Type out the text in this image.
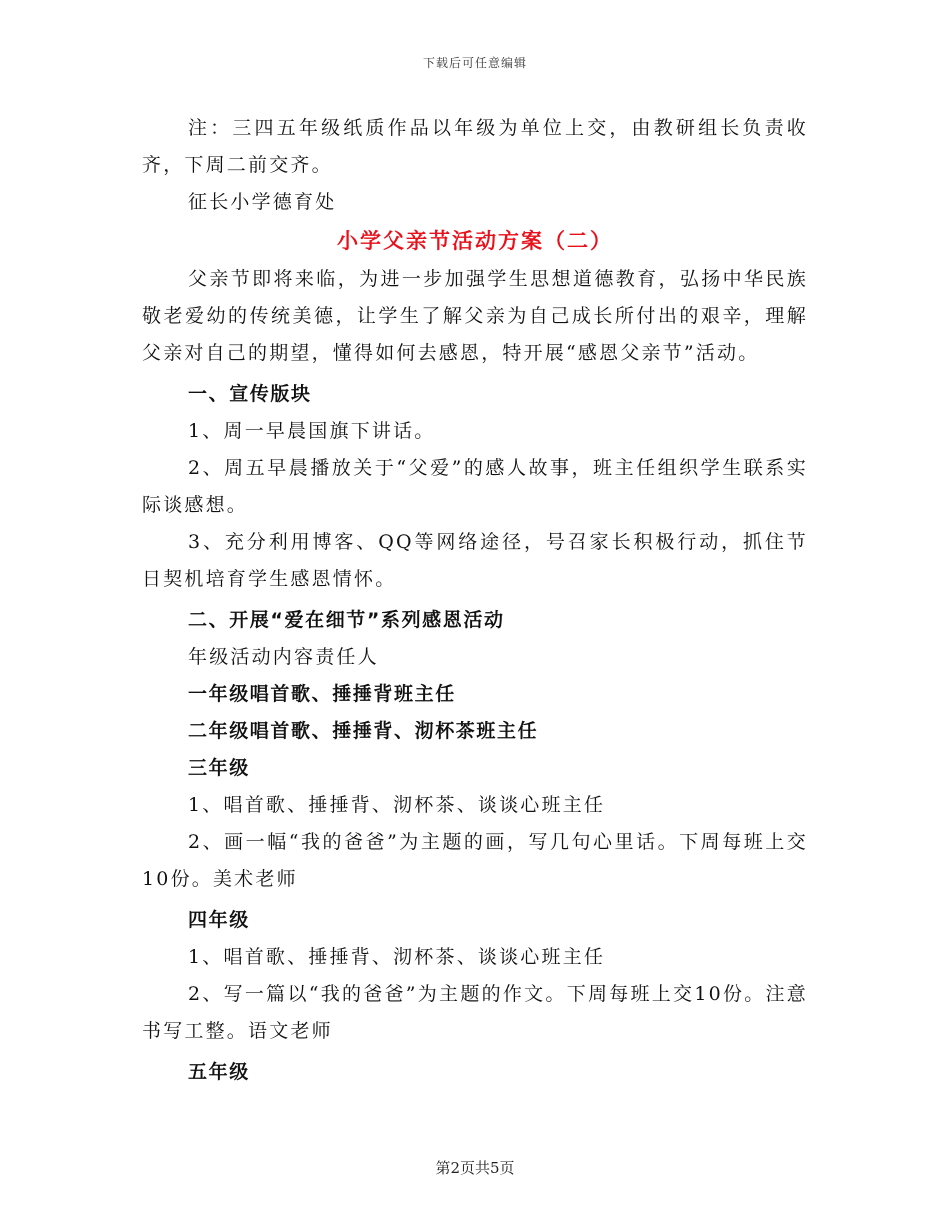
下载后可任意编辑

注：三四五年级纸质作品以年级为单位上交，由教研组长负责收齐，下周二前交齐。

征长小学德育处

小学父亲节活动方案（二）

父亲节即将来临，为进一步加强学生思想道德教育，弘扬中华民族敬老爱幼的传统美德，让学生了解父亲为自己成长所付出的艰辛，理解父亲对自己的期望，懂得如何去感恩，特开展“感恩父亲节”活动。

一、宣传版块

1、周一早晨国旗下讲话。

2、周五早晨播放关于“父爱”的感人故事，班主任组织学生联系实际谈感想。

3、充分利用博客、QQ等网络途径，号召家长积极行动，抓住节日契机培育学生感恩情怀。

二、开展“爱在细节”系列感恩活动

年级活动内容责任人

一年级唱首歌、捶捶背班主任

二年级唱首歌、捶捶背、沏杯茶班主任

三年级

1、唱首歌、捶捶背、沏杯茶、谈谈心班主任

2、画一幅“我的爸爸”为主题的画，写几句心里话。下周每班上交10份。美术老师

四年级

1、唱首歌、捶捶背、沏杯茶、谈谈心班主任

2、写一篇以“我的爸爸”为主题的作文。下周每班上交10份。注意书写工整。语文老师

五年级

第2页共5页
